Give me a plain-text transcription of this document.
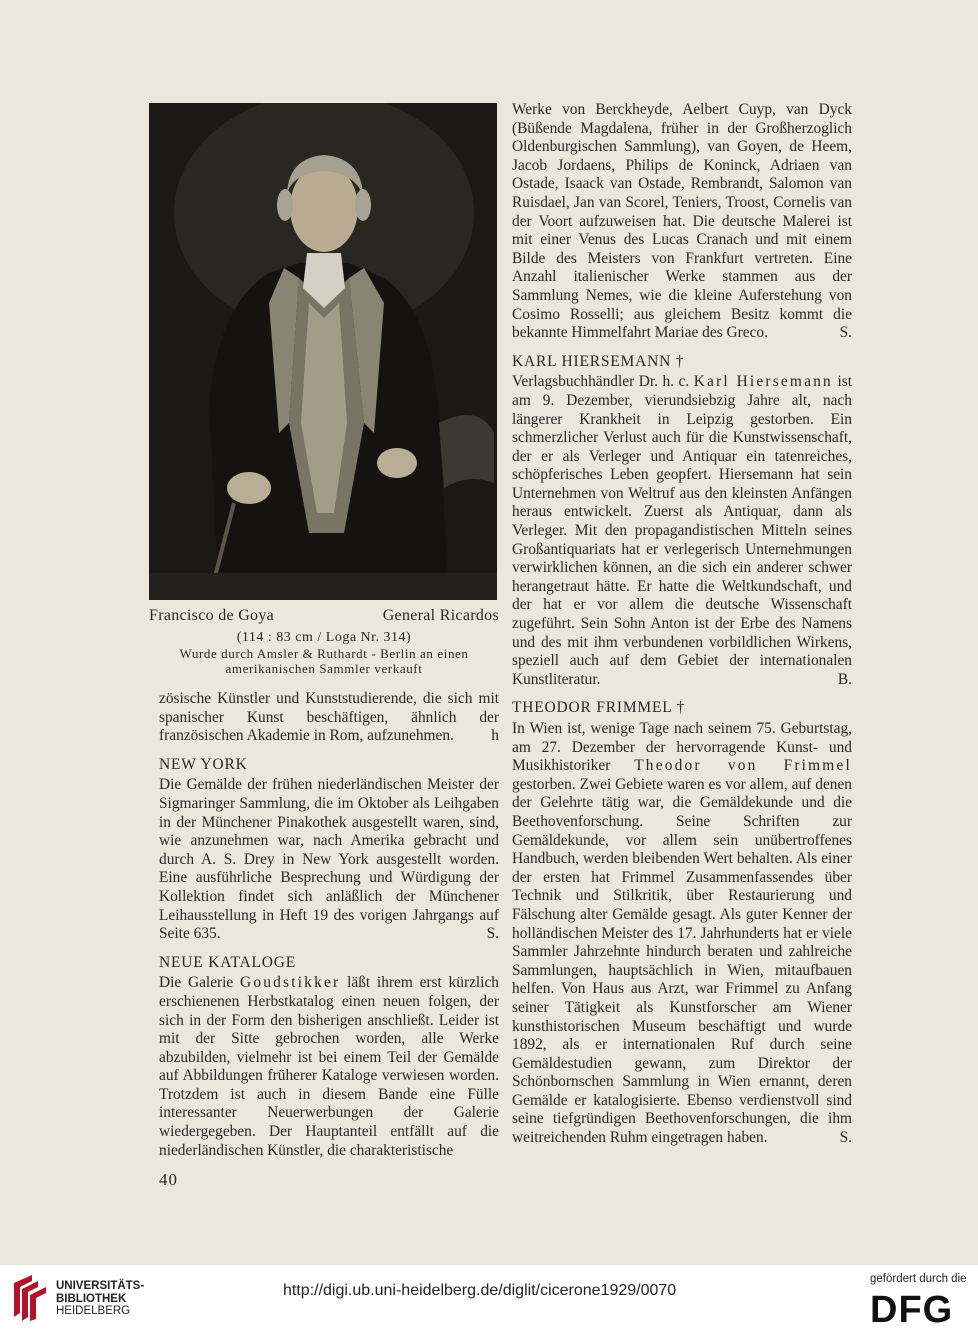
Francisco de Goya	General Ricardos
(114 : 83 cm / Loga Nr. 314)
Wurde durch Amsler & Ruthardt - Berlin an einen
amerikanischen Sammler verkauft

zösische Künstler und Kunststudierende, die sich mit spanischer Kunst beschäftigen, ähnlich der französischen Akademie in Rom, aufzunehmen. h

NEW YORK

Die Gemälde der frühen niederländischen Meister der Sigmaringer Sammlung, die im Oktober als Leihgaben in der Münchener Pinakothek ausgestellt waren, sind, wie anzunehmen war, nach Amerika gebracht und durch A. S. Drey in New York ausgestellt worden. Eine ausführliche Besprechung und Würdigung der Kollektion findet sich anläßlich der Münchener Leihausstellung in Heft 19 des vorigen Jahrgangs auf Seite 635.	S.

NEUE KATALOGE

Die Galerie Goudstikker läßt ihrem erst kürzlich erschienenen Herbstkatalog einen neuen folgen, der sich in der Form den bisherigen anschließt. Leider ist mit der Sitte gebrochen worden, alle Werke abzubilden, vielmehr ist bei einem Teil der Gemälde auf Abbildungen früherer Kataloge verwiesen worden. Trotzdem ist auch in diesem Bande eine Fülle interessanter Neuerwerbungen der Galerie wiedergegeben. Der Hauptanteil entfällt auf die niederländischen Künstler, die charakteristische

Werke von Berckheyde, Aelbert Cuyp, van Dyck (Büßende Magdalena, früher in der Großherzoglich Oldenburgischen Sammlung), van Goyen, de Heem, Jacob Jordaens, Philips de Koninck, Adriaen van Ostade, Isaack van Ostade, Rembrandt, Salomon van Ruisdael, Jan van Scorel, Teniers, Troost, Cornelis van der Voort aufzuweisen hat. Die deutsche Malerei ist mit einer Venus des Lucas Cranach und mit einem Bilde des Meisters von Frankfurt vertreten. Eine Anzahl italienischer Werke stammen aus der Sammlung Nemes, wie die kleine Auferstehung von Cosimo Rosselli; aus gleichem Besitz kommt die bekannte Himmelfahrt Mariae des Greco.	S.

KARL HIERSEMANN †

Verlagsbuchhändler Dr. h. c. Karl Hiersemann ist am 9. Dezember, vierundsiebzig Jahre alt, nach längerer Krankheit in Leipzig gestorben. Ein schmerzlicher Verlust auch für die Kunstwissenschaft, der er als Verleger und Antiquar ein tatenreiches, schöpferisches Leben geopfert. Hiersemann hat sein Unternehmen von Weltruf aus den kleinsten Anfängen heraus entwickelt. Zuerst als Antiquar, dann als Verleger. Mit den propagandistischen Mitteln seines Großantiquariats hat er verlegerisch Unternehmungen verwirklichen können, an die sich ein anderer schwer herangetraut hätte. Er hatte die Weltkundschaft, und der hat er vor allem die deutsche Wissenschaft zugeführt. Sein Sohn Anton ist der Erbe des Namens und des mit ihm verbundenen vorbildlichen Wirkens, speziell auch auf dem Gebiet der internationalen Kunstliteratur.	B.

THEODOR FRIMMEL †

In Wien ist, wenige Tage nach seinem 75. Geburtstag, am 27. Dezember der hervorragende Kunst- und Musikhistoriker Theodor von Frimmel gestorben. Zwei Gebiete waren es vor allem, auf denen der Gelehrte tätig war, die Gemäldekunde und die Beethovenforschung. Seine Schriften zur Gemäldekunde, vor allem sein unübertroffenes Handbuch, werden bleibenden Wert behalten. Als einer der ersten hat Frimmel Zusammenfassendes über Technik und Stilkritik, über Restaurierung und Fälschung alter Gemälde gesagt. Als guter Kenner der holländischen Meister des 17. Jahrhunderts hat er viele Sammler Jahrzehnte hindurch beraten und zahlreiche Sammlungen, hauptsächlich in Wien, mitaufbauen helfen. Von Haus aus Arzt, war Frimmel zu Anfang seiner Tätigkeit als Kunstforscher am Wiener kunsthistorischen Museum beschäftigt und wurde 1892, als er internationalen Ruf durch seine Gemäldestudien gewann, zum Direktor der Schönbornschen Sammlung in Wien ernannt, deren Gemälde er katalogisierte. Ebenso verdienstvoll sind seine tiefgründigen Beethovenforschungen, die ihm weitreichenden Ruhm eingetragen haben.	S.

40
UNIVERSITÄTS-
BIBLIOTHEK
HEIDELBERG
http://digi.ub.uni-heidelberg.de/diglit/cicerone1929/0070
gefördert durch die
DFG
